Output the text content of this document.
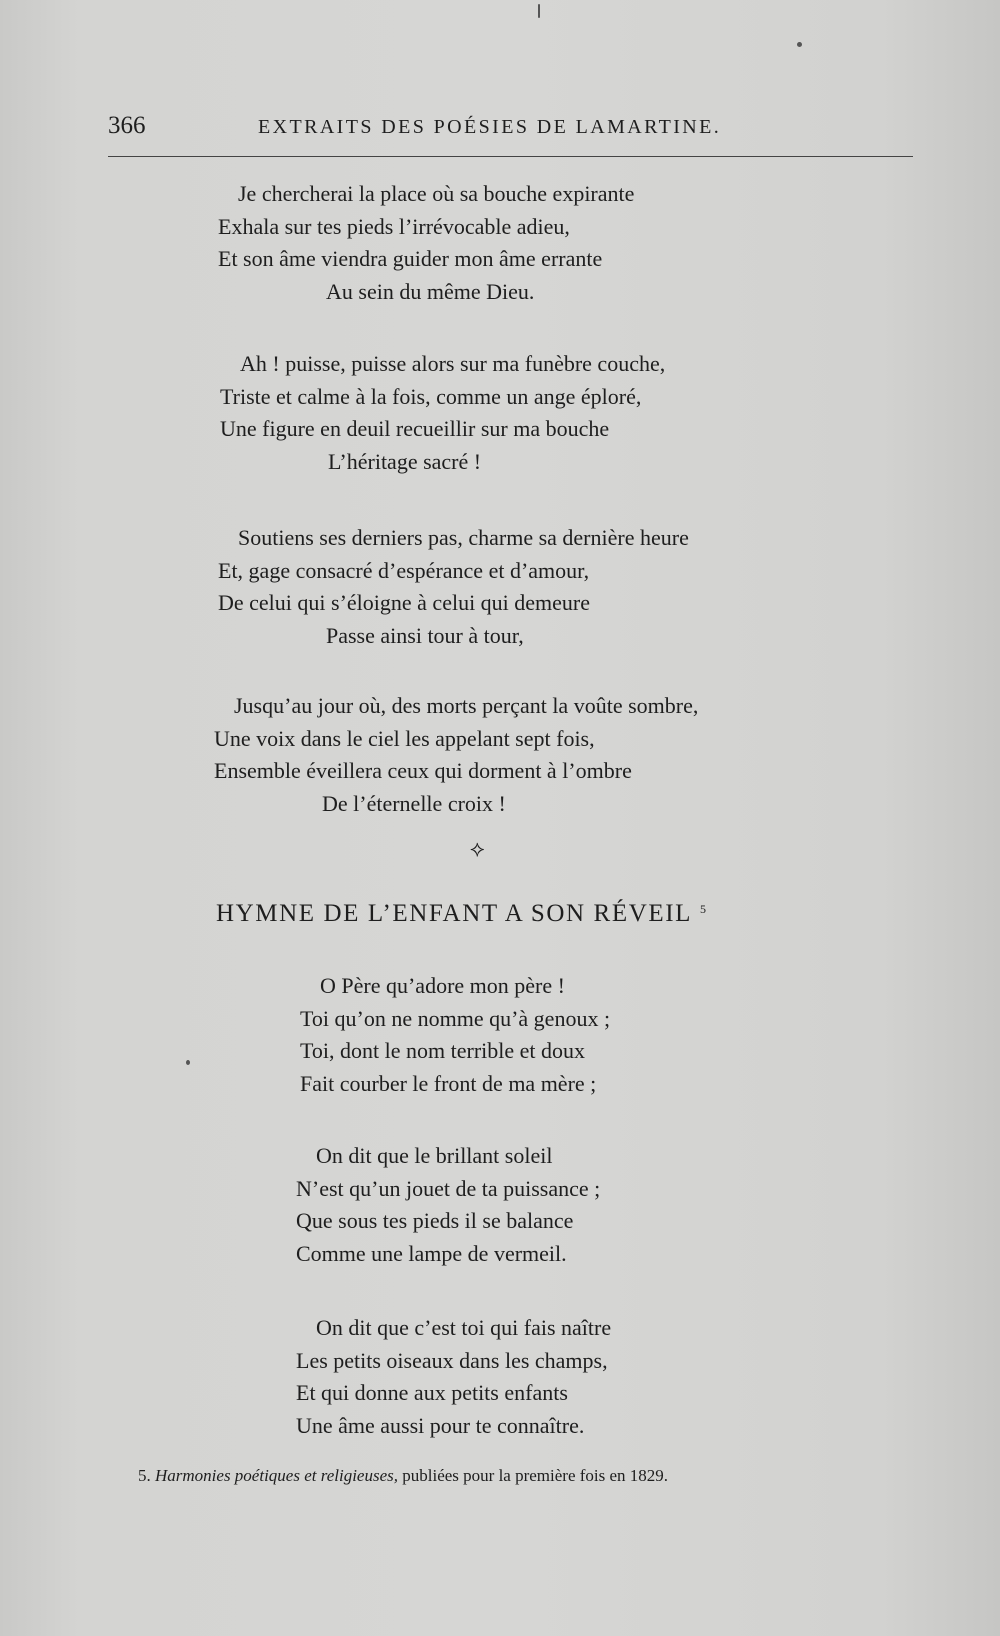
366	EXTRAITS DES POÉSIES DE LAMARTINE.
Je chercherai la place où sa bouche expirante
Exhala sur tes pieds l’irrévocable adieu,
Et son âme viendra guider mon âme errante
Au sein du même Dieu.
Ah ! puisse, puisse alors sur ma funèbre couche,
Triste et calme à la fois, comme un ange éploré,
Une figure en deuil recueillir sur ma bouche
L’héritage sacré !
Soutiens ses derniers pas, charme sa dernière heure
Et, gage consacré d’espérance et d’amour,
De celui qui s’éloigne à celui qui demeure
Passe ainsi tour à tour,
Jusqu’au jour où, des morts perçant la voûte sombre,
Une voix dans le ciel les appelant sept fois,
Ensemble éveillera ceux qui dorment à l’ombre
De l’éternelle croix !
⟡
HYMNE DE L’ENFANT A SON RÉVEIL $^5$
O Père qu’adore mon père !
Toi qu’on ne nomme qu’à genoux ;
Toi, dont le nom terrible et doux
Fait courber le front de ma mère ;
On dit que le brillant soleil
N’est qu’un jouet de ta puissance ;
Que sous tes pieds il se balance
Comme une lampe de vermeil.
On dit que c’est toi qui fais naître
Les petits oiseaux dans les champs,
Et qui donne aux petits enfants
Une âme aussi pour te connaître.
5. Harmonies poétiques et religieuses, publiées pour la première fois en 1829.
